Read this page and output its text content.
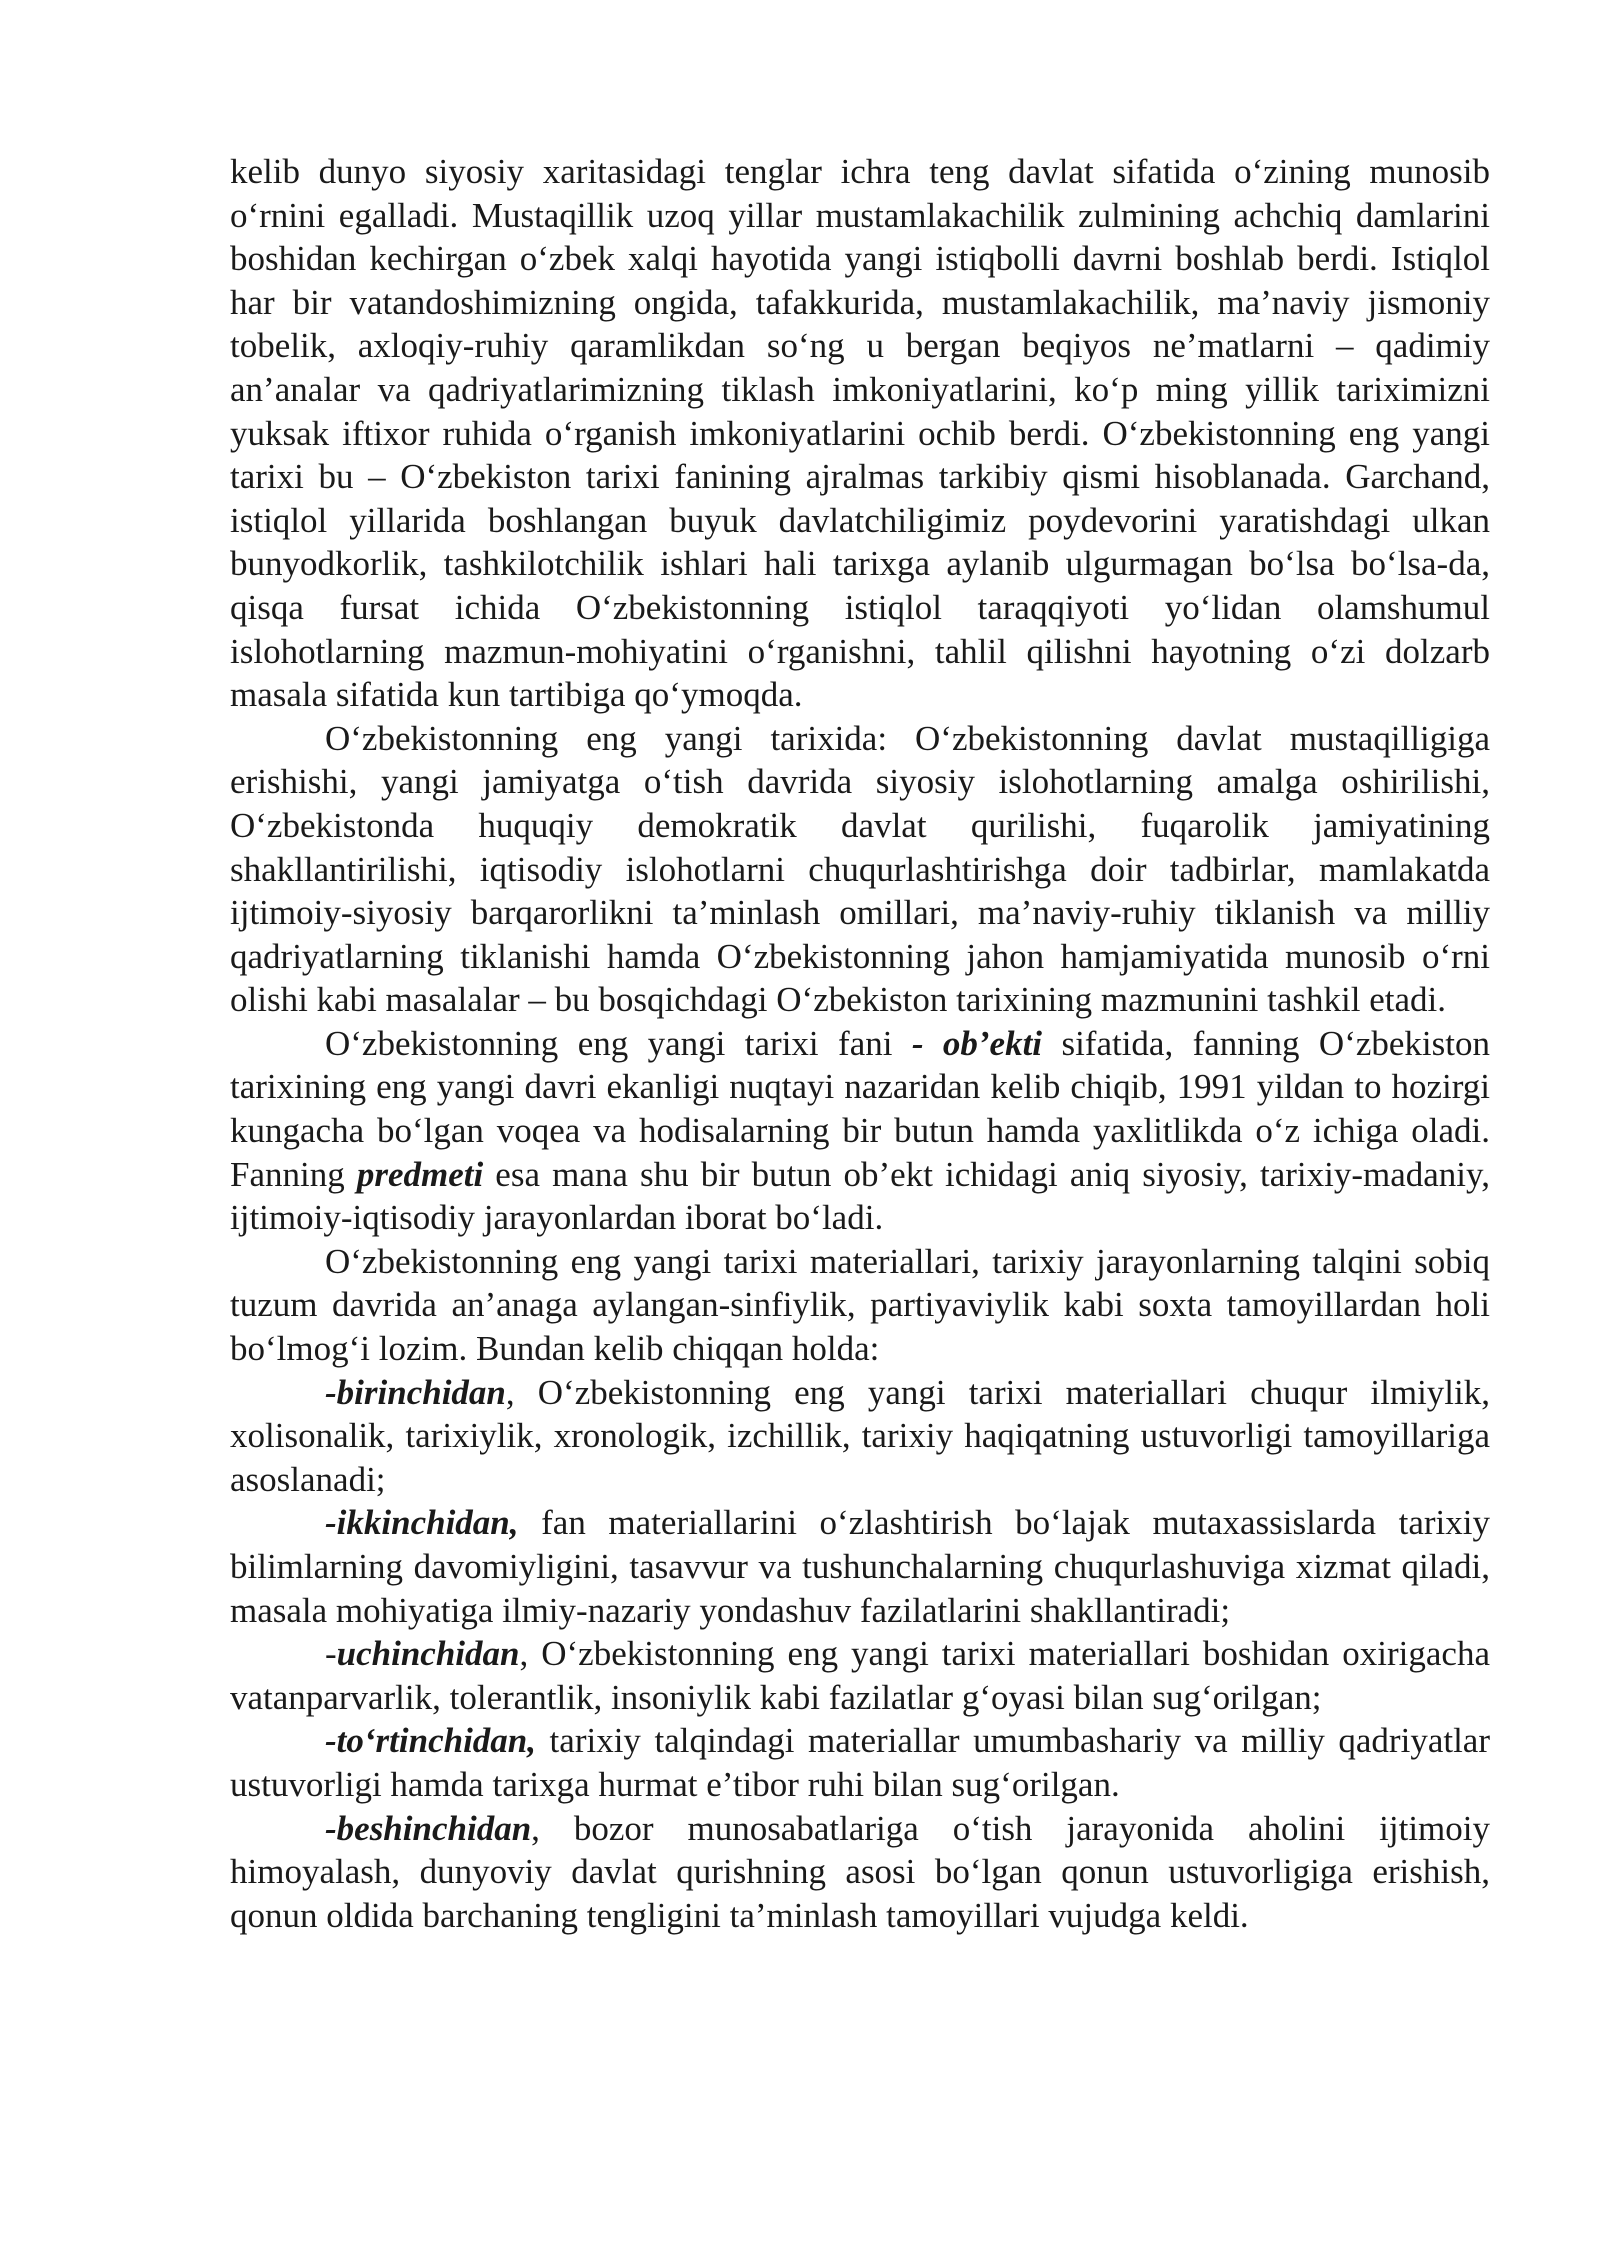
kelib dunyo siyosiy xaritasidagi tenglar ichra teng davlat sifatida o‘zining munosib o‘rnini egalladi. Mustaqillik uzoq yillar mustamlakachilik zulmining achchiq damlarini boshidan kechirgan o‘zbek xalqi hayotida yangi istiqbolli davrni boshlab berdi. Istiqlol har bir vatandoshimizning ongida, tafakkurida, mustamlakachilik, ma’naviy jismoniy tobelik, axloqiy-ruhiy qaramlikdan so‘ng u bergan beqiyos ne’matlarni – qadimiy an’analar va qadriyatlarimizning tiklash imkoniyatlarini, ko‘p ming yillik tariximizni yuksak iftixor ruhida o‘rganish imkoniyatlarini ochib berdi. O‘zbekistonning eng yangi tarixi bu – O‘zbekiston tarixi fanining ajralmas tarkibiy qismi hisoblanada. Garchand, istiqlol yillarida boshlangan buyuk davlatchiligimiz poydevorini yaratishdagi ulkan bunyodkorlik, tashkilotchilik ishlari hali tarixga aylanib ulgurmagan bo‘lsa bo‘lsa-da, qisqa fursat ichida O‘zbekistonning istiqlol taraqqiyoti yo‘lidan olamshumul islohotlarning mazmun-mohiyatini o‘rganishni, tahlil qilishni hayotning o‘zi dolzarb masala sifatida kun tartibiga qo‘ymoqda.

O‘zbekistonning eng yangi tarixida: O‘zbekistonning davlat mustaqilligiga erishishi, yangi jamiyatga o‘tish davrida siyosiy islohotlarning amalga oshirilishi, O‘zbekistonda huquqiy demokratik davlat qurilishi, fuqarolik jamiyatining shakllantirilishi, iqtisodiy islohotlarni chuqurlashtirishga doir tadbirlar, mamlakatda ijtimoiy-siyosiy barqarorlikni ta’minlash omillari, ma’naviy-ruhiy tiklanish va milliy qadriyatlarning tiklanishi hamda O‘zbekistonning jahon hamjamiyatida munosib o‘rni olishi kabi masalalar – bu bosqichdagi O‘zbekiston tarixining mazmunini tashkil etadi.

O‘zbekistonning eng yangi tarixi fani - ob’ekti sifatida, fanning O‘zbekiston tarixining eng yangi davri ekanligi nuqtayi nazaridan kelib chiqib, 1991 yildan to hozirgi kungacha bo‘lgan voqea va hodisalarning bir butun hamda yaxlitlikda o‘z ichiga oladi. Fanning predmeti esa mana shu bir butun ob’ekt ichidagi aniq siyosiy, tarixiy-madaniy, ijtimoiy-iqtisodiy jarayonlardan iborat bo‘ladi.

O‘zbekistonning eng yangi tarixi materiallari, tarixiy jarayonlarning talqini sobiq tuzum davrida an’anaga aylangan-sinfiylik, partiyaviylik kabi soxta tamoyillardan holi bo‘lmog‘i lozim. Bundan kelib chiqqan holda:

-birinchidan, O‘zbekistonning eng yangi tarixi materiallari chuqur ilmiylik, xolisonalik, tarixiylik, xronologik, izchillik, tarixiy haqiqatning ustuvorligi tamoyillariga asoslanadi;

-ikkinchidan, fan materiallarini o‘zlashtirish bo‘lajak mutaxassislarda tarixiy bilimlarning davomiyligini, tasavvur va tushunchalarning chuqurlashuviga xizmat qiladi, masala mohiyatiga ilmiy-nazariy yondashuv fazilatlarini shakllantiradi;

-uchinchidan, O‘zbekistonning eng yangi tarixi materiallari boshidan oxirigacha vatanparvarlik, tolerantlik, insoniylik kabi fazilatlar g‘oyasi bilan sug‘orilgan;

-to‘rtinchidan, tarixiy talqindagi materiallar umumbashariy va milliy qadriyatlar ustuvorligi hamda tarixga hurmat e’tibor ruhi bilan sug‘orilgan.

-beshinchidan, bozor munosabatlariga o‘tish jarayonida aholini ijtimoiy himoyalash, dunyoviy davlat qurishning asosi bo‘lgan qonun ustuvorligiga erishish, qonun oldida barchaning tengligini ta’minlash tamoyillari vujudga keldi.
